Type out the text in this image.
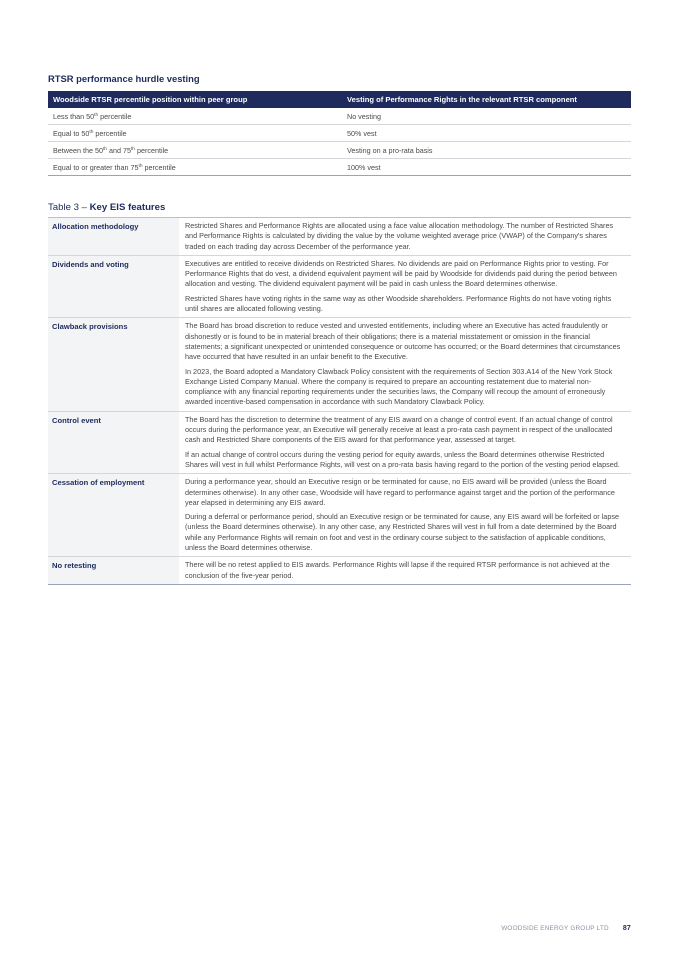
RTSR performance hurdle vesting
Woodside RTSR percentile position within peer group	Vesting of Performance Rights in the relevant RTSR component
Less than 50th percentile	No vesting
Equal to 50th percentile	50% vest
Between the 50th and 75th percentile	Vesting on a pro-rata basis
Equal to or greater than 75th percentile	100% vest
Table 3 – Key EIS features
Allocation methodology	Restricted Shares and Performance Rights are allocated using a face value allocation methodology. The number of Restricted Shares and Performance Rights is calculated by dividing the value by the volume weighted average price (VWAP) of the Company's shares traded on each trading day across December of the performance year.

Dividends and voting	Executives are entitled to receive dividends on Restricted Shares. No dividends are paid on Performance Rights prior to vesting. For Performance Rights that do vest, a dividend equivalent payment will be paid by Woodside for dividends paid during the period between allocation and vesting. The dividend equivalent payment will be paid in cash unless the Board determines otherwise.

Restricted Shares have voting rights in the same way as other Woodside shareholders. Performance Rights do not have voting rights until shares are allocated following vesting.

Clawback provisions	The Board has broad discretion to reduce vested and unvested entitlements, including where an Executive has acted fraudulently or dishonestly or is found to be in material breach of their obligations; there is a material misstatement or omission in the financial statements; a significant unexpected or unintended consequence or outcome has occurred; or the Board determines that circumstances have occurred that have resulted in an unfair benefit to the Executive.

In 2023, the Board adopted a Mandatory Clawback Policy consistent with the requirements of Section 303.A14 of the New York Stock Exchange Listed Company Manual. Where the company is required to prepare an accounting restatement due to material non-compliance with any financial reporting requirements under the securities laws, the Company will recoup the amount of erroneously awarded incentive-based compensation in accordance with such Mandatory Clawback Policy.

Control event	The Board has the discretion to determine the treatment of any EIS award on a change of control event. If an actual change of control occurs during the performance year, an Executive will generally receive at least a pro-rata cash payment in respect of the unallocated cash and Restricted Share components of the EIS award for that performance year, assessed at target.

If an actual change of control occurs during the vesting period for equity awards, unless the Board determines otherwise Restricted Shares will vest in full whilst Performance Rights, will vest on a pro-rata basis having regard to the portion of the vesting period elapsed.

Cessation of employment	During a performance year, should an Executive resign or be terminated for cause, no EIS award will be provided (unless the Board determines otherwise). In any other case, Woodside will have regard to performance against target and the portion of the performance year elapsed in determining any EIS award.

During a deferral or performance period, should an Executive resign or be terminated for cause, any EIS award will be forfeited or lapse (unless the Board determines otherwise). In any other case, any Restricted Shares will vest in full from a date determined by the Board while any Performance Rights will remain on foot and vest in the ordinary course subject to the satisfaction of applicable conditions, unless the Board determines otherwise.

No retesting	There will be no retest applied to EIS awards. Performance Rights will lapse if the required RTSR performance is not achieved at the conclusion of the five-year period.

WOODSIDE ENERGY GROUP LTD 87
